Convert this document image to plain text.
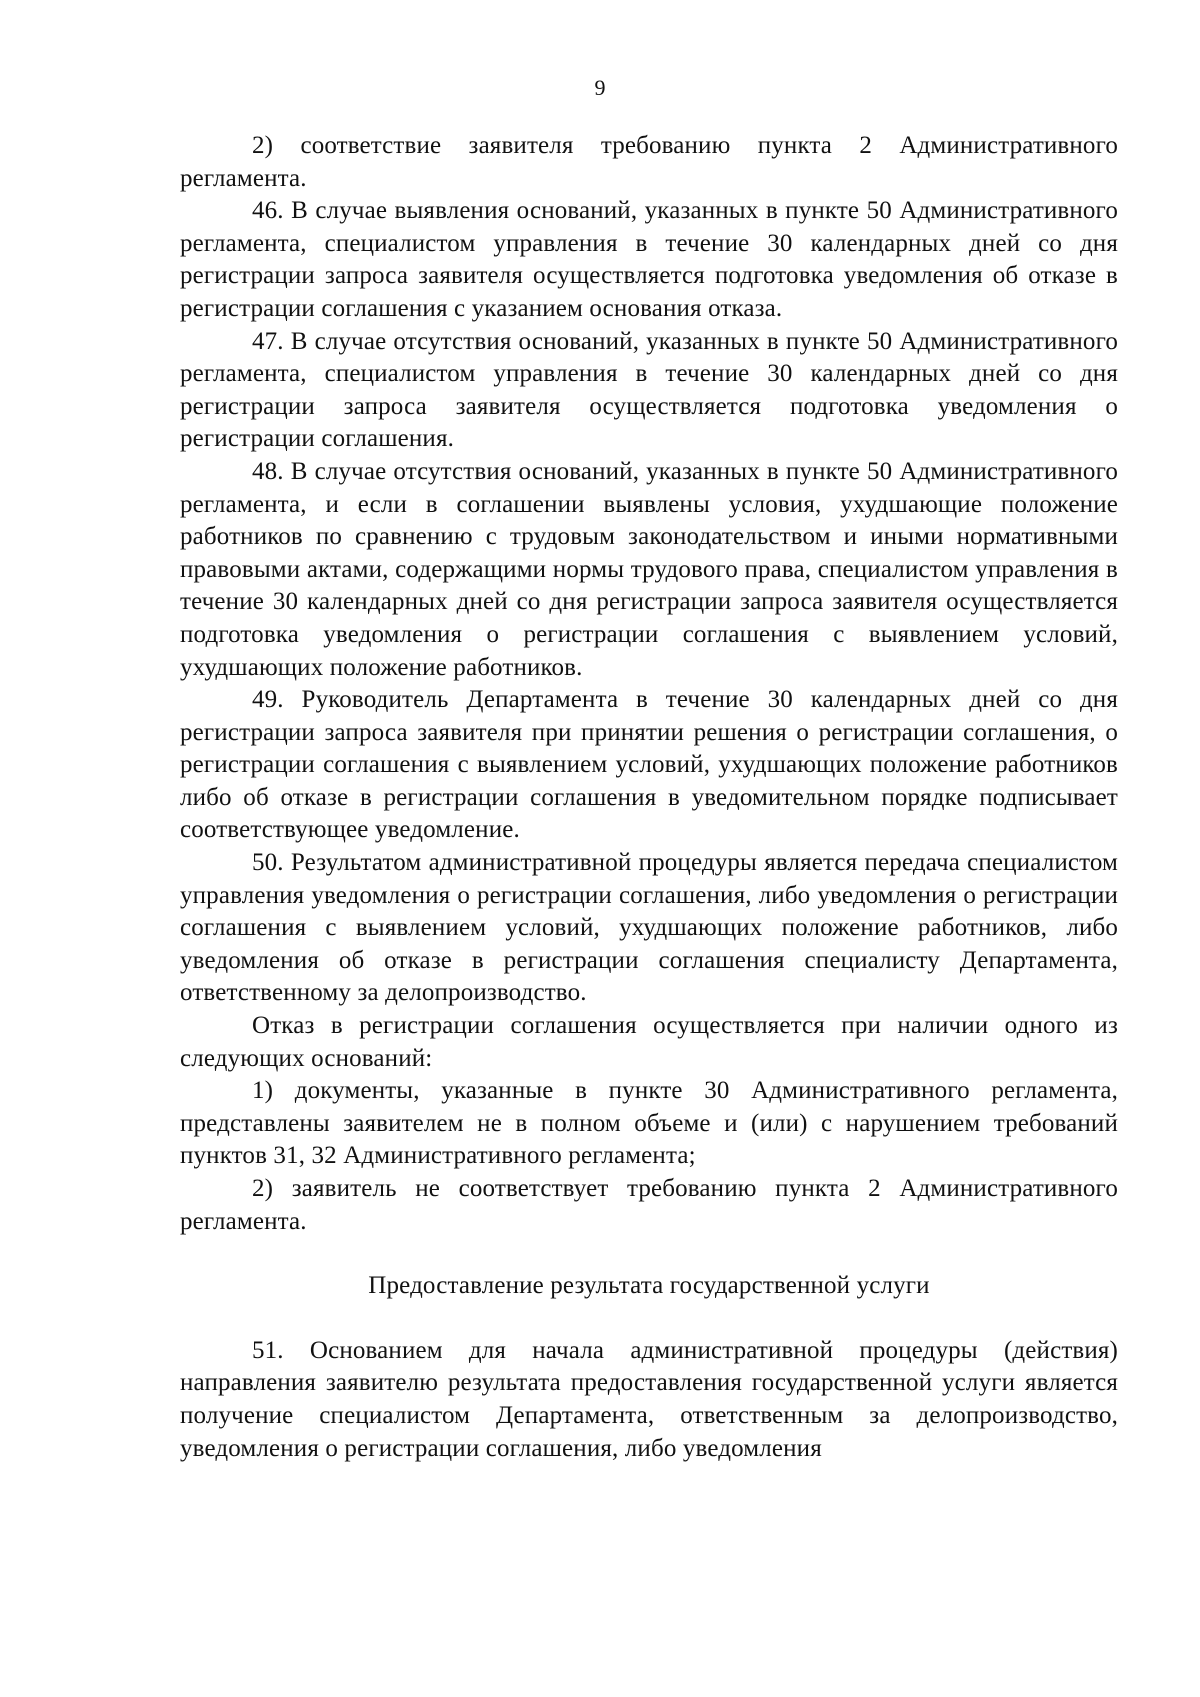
9

2) соответствие заявителя требованию пункта 2 Административного регламента.

46. В случае выявления оснований, указанных в пункте 50 Административного регламента, специалистом управления в течение 30 календарных дней со дня регистрации запроса заявителя осуществляется подготовка уведомления об отказе в регистрации соглашения с указанием основания отказа.

47. В случае отсутствия оснований, указанных в пункте 50 Административного регламента, специалистом управления в течение 30 календарных дней со дня регистрации запроса заявителя осуществляется подготовка уведомления о регистрации соглашения.

48. В случае отсутствия оснований, указанных в пункте 50 Административного регламента, и если в соглашении выявлены условия, ухудшающие положение работников по сравнению с трудовым законодательством и иными нормативными правовыми актами, содержащими нормы трудового права, специалистом управления в течение 30 календарных дней со дня регистрации запроса заявителя осуществляется подготовка уведомления о регистрации соглашения с выявлением условий, ухудшающих положение работников.

49. Руководитель Департамента в течение 30 календарных дней со дня регистрации запроса заявителя при принятии решения о регистрации соглашения, о регистрации соглашения с выявлением условий, ухудшающих положение работников либо об отказе в регистрации соглашения в уведомительном порядке подписывает соответствующее уведомление.

50. Результатом административной процедуры является передача специалистом управления уведомления о регистрации соглашения, либо уведомления о регистрации соглашения с выявлением условий, ухудшающих положение работников, либо уведомления об отказе в регистрации соглашения специалисту Департамента, ответственному за делопроизводство.

Отказ в регистрации соглашения осуществляется при наличии одного из следующих оснований:

1) документы, указанные в пункте 30 Административного регламента, представлены заявителем не в полном объеме и (или) с нарушением требований пунктов 31, 32 Административного регламента;

2) заявитель не соответствует требованию пункта 2 Административного регламента.

Предоставление результата государственной услуги

51. Основанием для начала административной процедуры (действия) направления заявителю результата предоставления государственной услуги является получение специалистом Департамента, ответственным за делопроизводство, уведомления о регистрации соглашения, либо уведомления
